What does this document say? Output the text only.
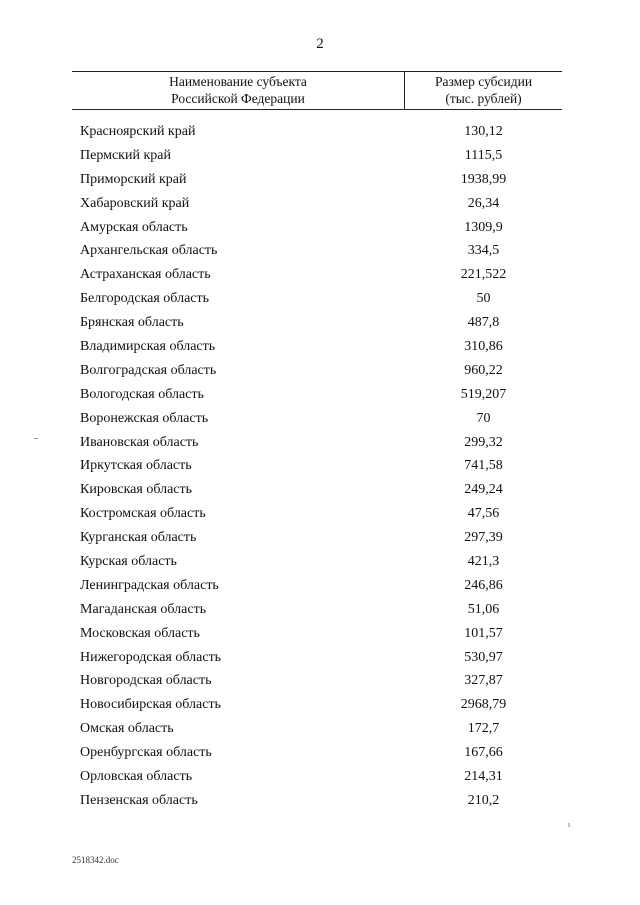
2
Наименование субъекта
Российской Федерации
Размер субсидии
(тыс. рублей)
Красноярский край	130,12
Пермский край	1115,5
Приморский край	1938,99
Хабаровский край	26,34
Амурская область	1309,9
Архангельская область	334,5
Астраханская область	221,522
Белгородская область	50
Брянская область	487,8
Владимирская область	310,86
Волгоградская область	960,22
Вологодская область	519,207
Воронежская область	70
Ивановская область	299,32
Иркутская область	741,58
Кировская область	249,24
Костромская область	47,56
Курганская область	297,39
Курская область	421,3
Ленинградская область	246,86
Магаданская область	51,06
Московская область	101,57
Нижегородская область	530,97
Новгородская область	327,87
Новосибирская область	2968,79
Омская область	172,7
Оренбургская область	167,66
Орловская область	214,31
Пензенская область	210,2
ι
2518342.doc
